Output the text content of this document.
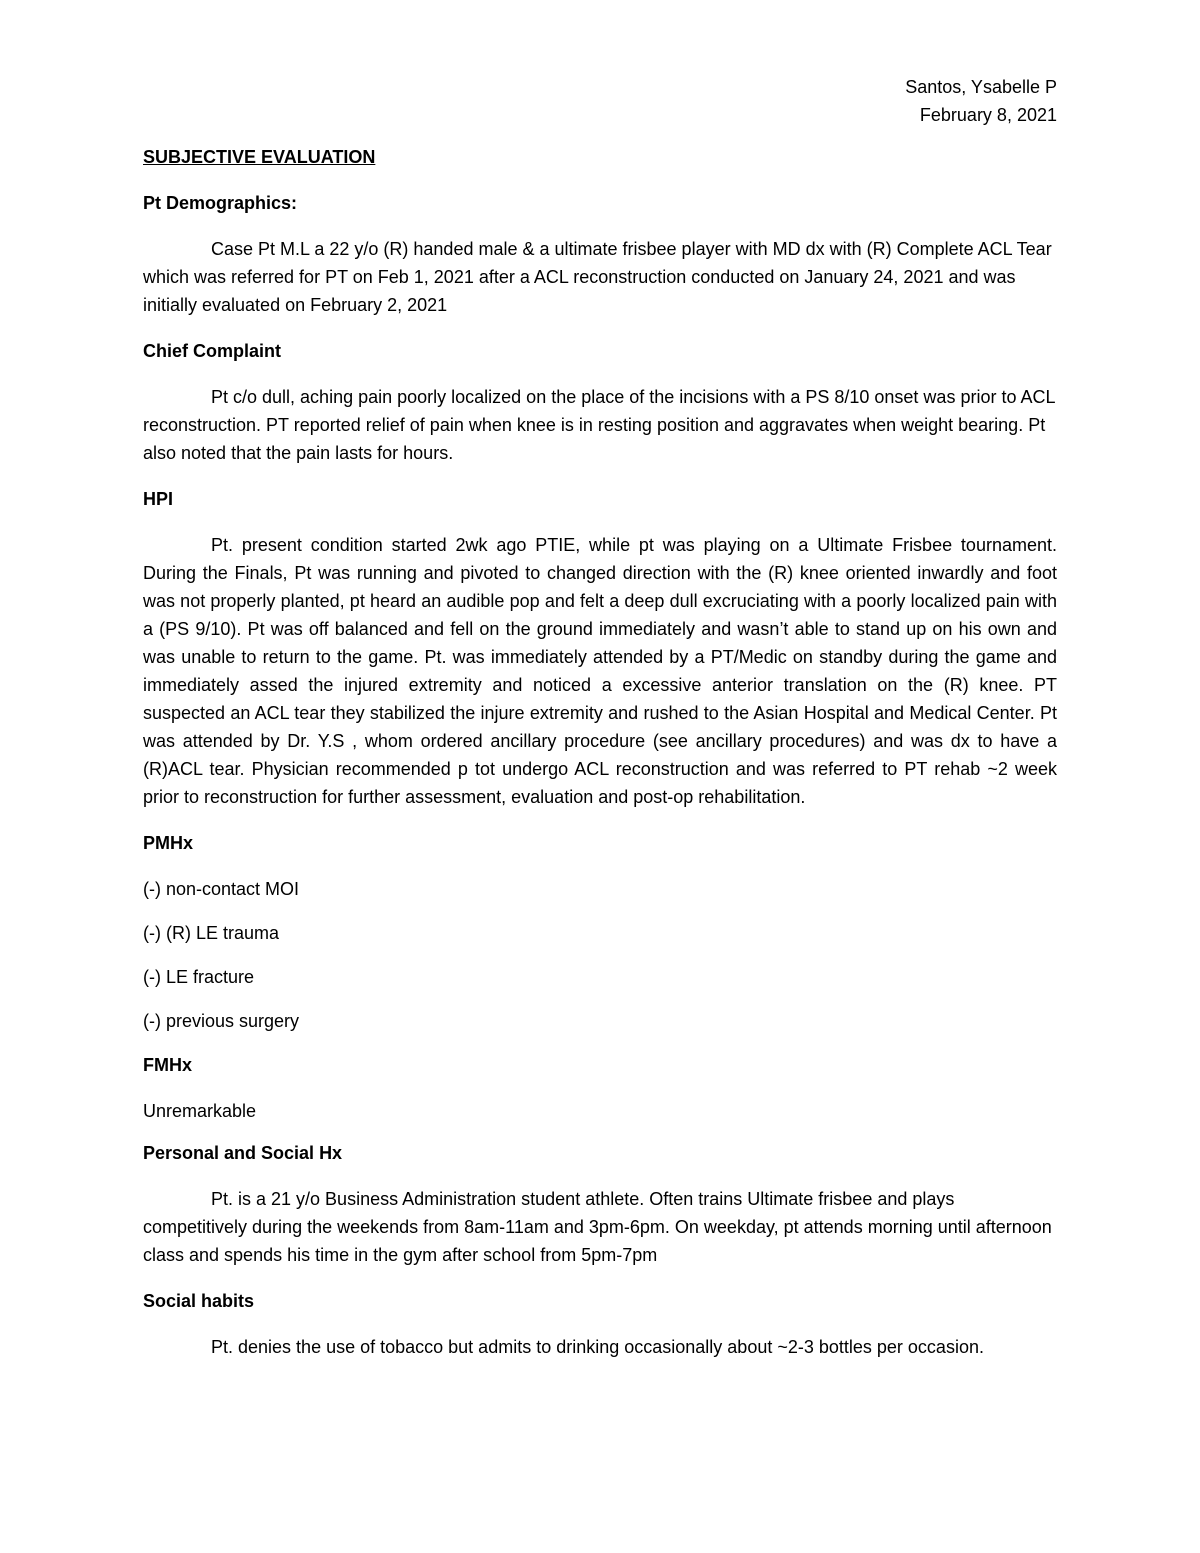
Santos, Ysabelle P
February 8, 2021
SUBJECTIVE EVALUATION
Pt Demographics:

Case Pt M.L a 22 y/o (R) handed male & a ultimate frisbee player with MD dx with (R) Complete ACL Tear which was referred for PT on Feb 1, 2021 after a ACL reconstruction conducted on January 24, 2021 and was initially evaluated on February 2, 2021

Chief Complaint

Pt c/o dull, aching pain poorly localized on the place of the incisions with a PS 8/10 onset was prior to ACL reconstruction. PT reported relief of pain when knee is in resting position and aggravates when weight bearing. Pt also noted that the pain lasts for hours.

HPI

Pt. present condition started 2wk ago PTIE, while pt was playing on a Ultimate Frisbee tournament. During the Finals, Pt was running and pivoted to changed direction with the (R) knee oriented inwardly and foot was not properly planted, pt heard an audible pop and felt a deep dull excruciating with a poorly localized pain with a (PS 9/10). Pt was off balanced and fell on the ground immediately and wasn’t able to stand up on his own and was unable to return to the game. Pt. was immediately attended by a PT/Medic on standby during the game and immediately assed the injured extremity and noticed a excessive anterior translation on the (R) knee. PT suspected an ACL tear they stabilized the injure extremity and rushed to the Asian Hospital and Medical Center. Pt was attended by Dr. Y.S , whom ordered ancillary procedure (see ancillary procedures) and was dx to have a (R)ACL tear. Physician recommended p tot undergo ACL reconstruction and was referred to PT rehab ~2 week prior to reconstruction for further assessment, evaluation and post-op rehabilitation.

PMHx
(-) non-contact MOI
(-) (R) LE trauma
(-) LE fracture
(-) previous surgery
FMHx
Unremarkable
Personal and Social Hx

Pt. is a 21 y/o Business Administration student athlete. Often trains Ultimate frisbee and plays competitively during the weekends from 8am-11am and 3pm-6pm. On weekday, pt attends morning until afternoon class and spends his time in the gym after school from 5pm-7pm

Social habits

Pt. denies the use of tobacco but admits to drinking occasionally about ~2-3 bottles per occasion.
